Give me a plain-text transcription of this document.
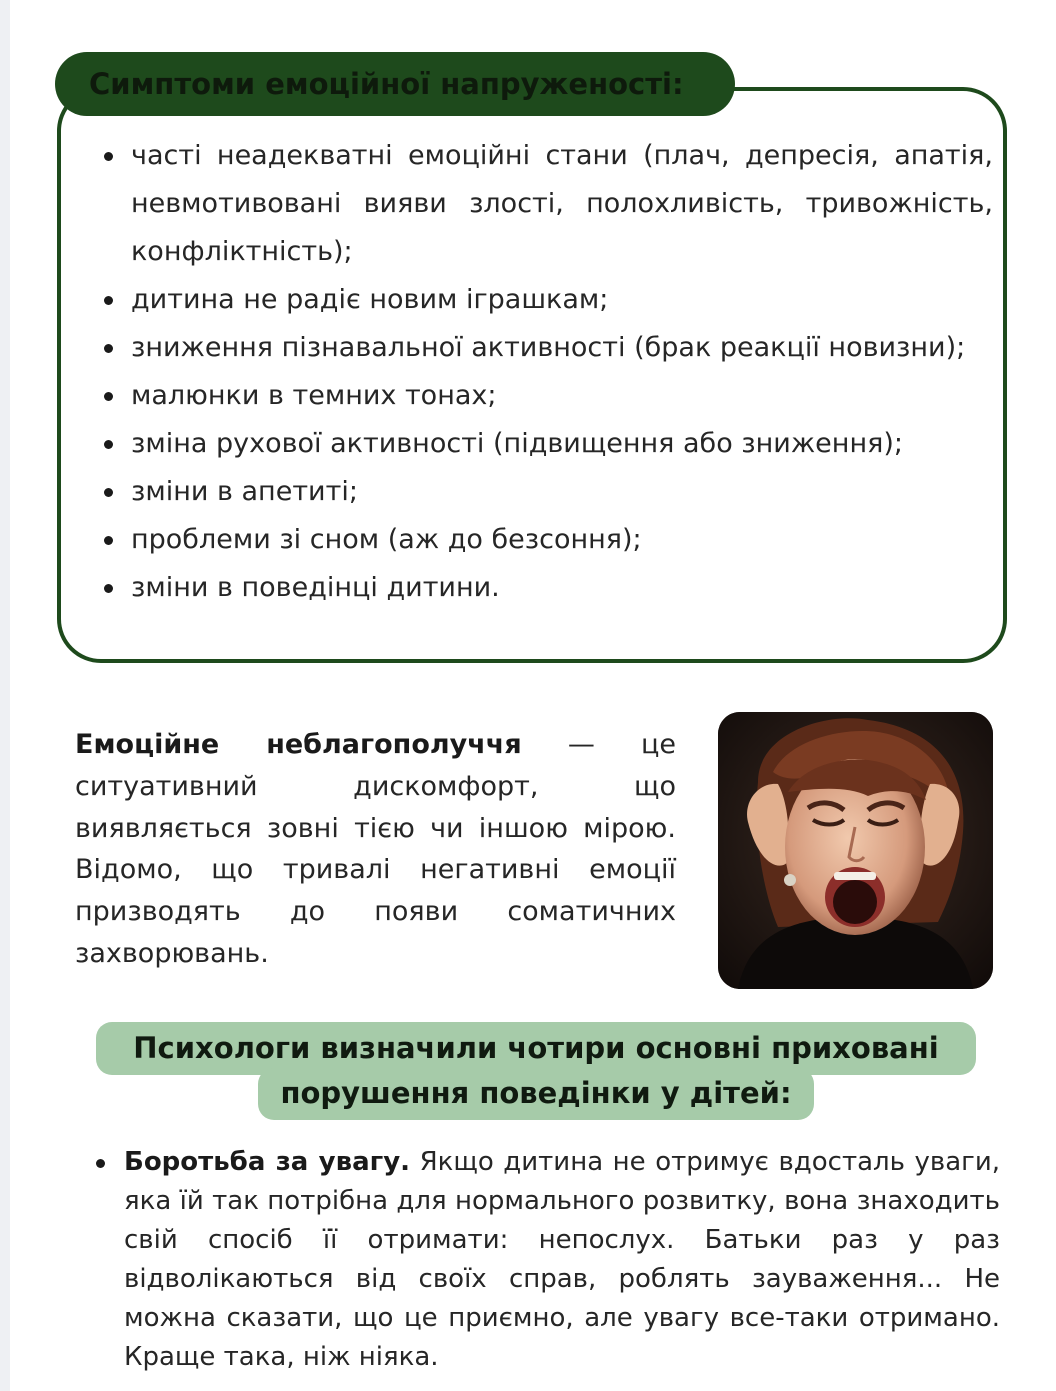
Симптоми емоційної напруженості:
часті неадекватні емоційні стани (плач, депресія, апатія, невмотивовані вияви злості, полохливість, тривожність, конфліктність);
дитина не радіє новим іграшкам;
зниження пізнавальної активності (брак реакції новизни);
малюнки в темних тонах;
зміна рухової активності (підвищення або зниження);
зміни в апетиті;
проблеми зі сном (аж до безсоння);
зміни в поведінці дитини.

Емоційне неблагополуччя — це ситуативний дискомфорт, що виявляється зовні тією чи іншою мірою. Відомо, що тривалі негативні емоції призводять до появи соматичних захворювань.

Психологи визначили чотири основні приховані
порушення поведінки у дітей:
Боротьба за увагу. Якщо дитина не отримує вдосталь уваги, яка їй так потрібна для нормального розвитку, вона знаходить свій спосіб її отримати: непослух. Батьки раз у раз відволікаються від своїх справ, роблять зауваження... Не можна сказати, що це приємно, але увагу все-таки отримано. Краще така, ніж ніяка.
